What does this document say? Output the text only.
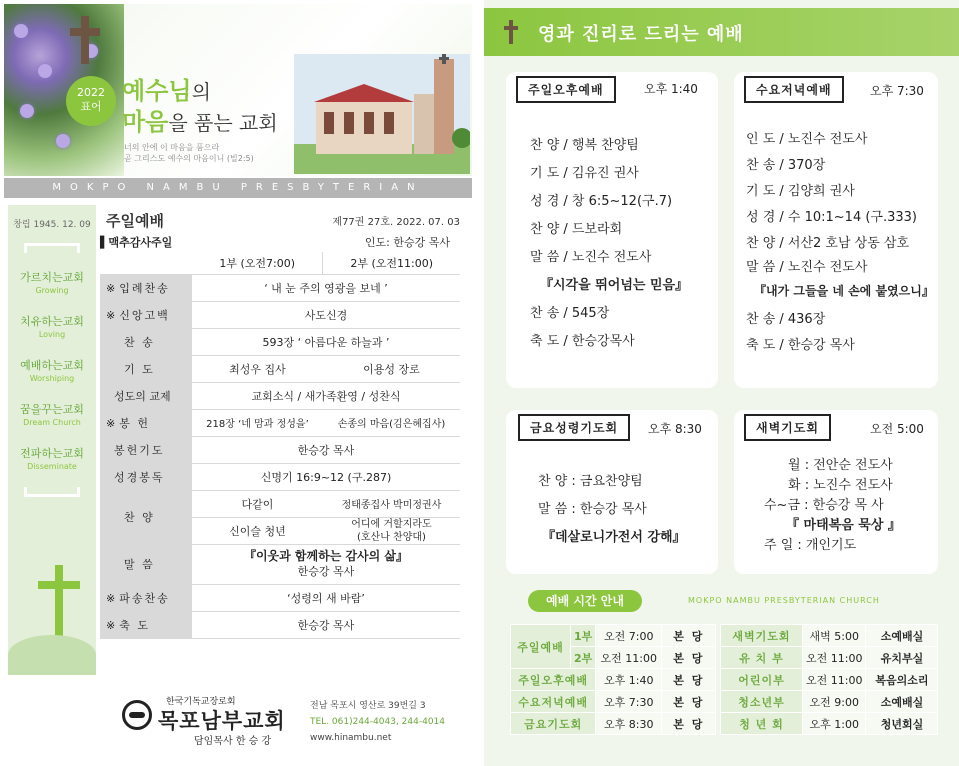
2022
표어
예수님의
마음을 품는 교회
너의 안에 이 마음을 품으라
곧 그리스도 예수의 마음이니 (빌2:5)
MOKPO NAMBU PRESBYTERIAN CHURCH
창립 1945. 12. 09
가르치는교회
Growing
치유하는교회
Loving
예배하는교회
Worshiping
꿈을꾸는교회
Dream Church
전파하는교회
Disseminate
주일예배	제77권 27호. 2022. 07. 03
▌맥추감사주일	인도: 한승강 목사
	1부 (오전7:00)	2부 (오전11:00)
※ 입례찬송	‘ 내 눈 주의 영광을 보네 ’	
※ 신앙고백	사도신경	
찬 송	593장 ‘ 아름다운 하늘과 ’	
기 도	최성우 집사	이용성 장로
성도의 교제	교회소식 / 새가족환영 / 성찬식	
※ 봉 헌	218장 ‘네 맘과 정성을’	손종의 마음(김은혜집사)
봉헌기도	한승강 목사	
성경봉독	신명기 16:9~12 (구.287)	
찬 양	다같이	정태종집사 박미정권사
	신이슬 청년	어디에 거할지라도
(호산나 찬양대)

말 씀	『이웃과 함께하는 감사의 삶』
한승강 목사	

※ 파송찬송	‘성령의 새 바람’	
※ 축 도	한승강 목사	
한국기독교장로회
목포남부교회
담임목사 한 승 강
전남 목포시 영산로 39번길 3
TEL. 061)244-4043, 244-4014
www.hinambu.net
영과 진리로 드리는 예배
주일오후예배	오후 1:40
찬 양 / 행복 찬양팀
기 도 / 김유진 권사
성 경 / 창 6:5~12(구.7)
찬 양 / 드보라회
말 씀 / 노진수 전도사
『시각을 뛰어넘는 믿음』
찬 송 / 545장
축 도 / 한승강목사
수요저녁예배	오후 7:30
인 도 / 노진수 전도사
찬 송 / 370장
기 도 / 김양희 권사
성 경 / 수 10:1~14 (구.333)
찬 양 / 서산2 호남 상동 삼호
말 씀 / 노진수 전도사
『내가 그들을 네 손에 붙였으니』
찬 송 / 436장
축 도 / 한승강 목사
금요성령기도회	오후 8:30
찬 양 : 금요찬양팀
말 씀 : 한승강 목사
『데살로니가전서 강해』
새벽기도회	오전 5:00
월 : 전안순 전도사
화 : 노진수 전도사
수~금 : 한승강 목 사
『 마태복음 묵상 』
주 일 : 개인기도
예배 시간 안내	MOKPO NAMBU PRESBYTERIAN CHURCH
주일예배	1부	오전 7:00	본 당
	2부	오전 11:00	본 당
주일오후예배		오후 1:40	본 당
수요저녁예배		오후 7:30	본 당
금요기도회		오후 8:30	본 당
새벽기도회	새벽 5:00	소예배실
유 치 부	오전 11:00	유치부실
어린이부	오전 11:00	복음의소리
청소년부	오전 9:00	소예배실
청 년 회	오후 1:00	청년회실
